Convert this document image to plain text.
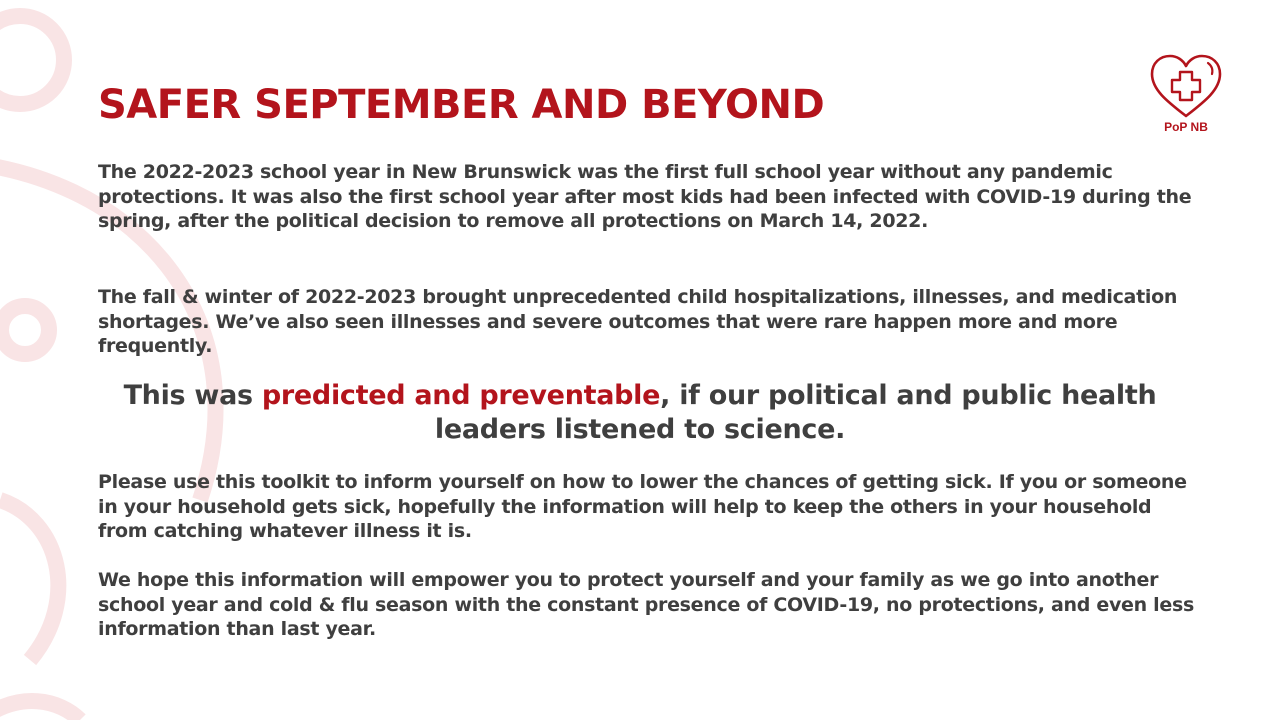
PoP NB
SAFER SEPTEMBER AND BEYOND

The 2022-2023 school year in New Brunswick was the first full school year without any pandemic protections. It was also the first school year after most kids had been infected with COVID-19 during the spring, after the political decision to remove all protections on March 14, 2022.

The fall & winter of 2022-2023 brought unprecedented child hospitalizations, illnesses, and medication shortages. We’ve also seen illnesses and severe outcomes that were rare happen more and more frequently.

This was predicted and preventable, if our political and public health leaders listened to science.

Please use this toolkit to inform yourself on how to lower the chances of getting sick. If you or someone in your household gets sick, hopefully the information will help to keep the others in your household from catching whatever illness it is.

We hope this information will empower you to protect yourself and your family as we go into another school year and cold & flu season with the constant presence of COVID-19, no protections, and even less information than last year.
